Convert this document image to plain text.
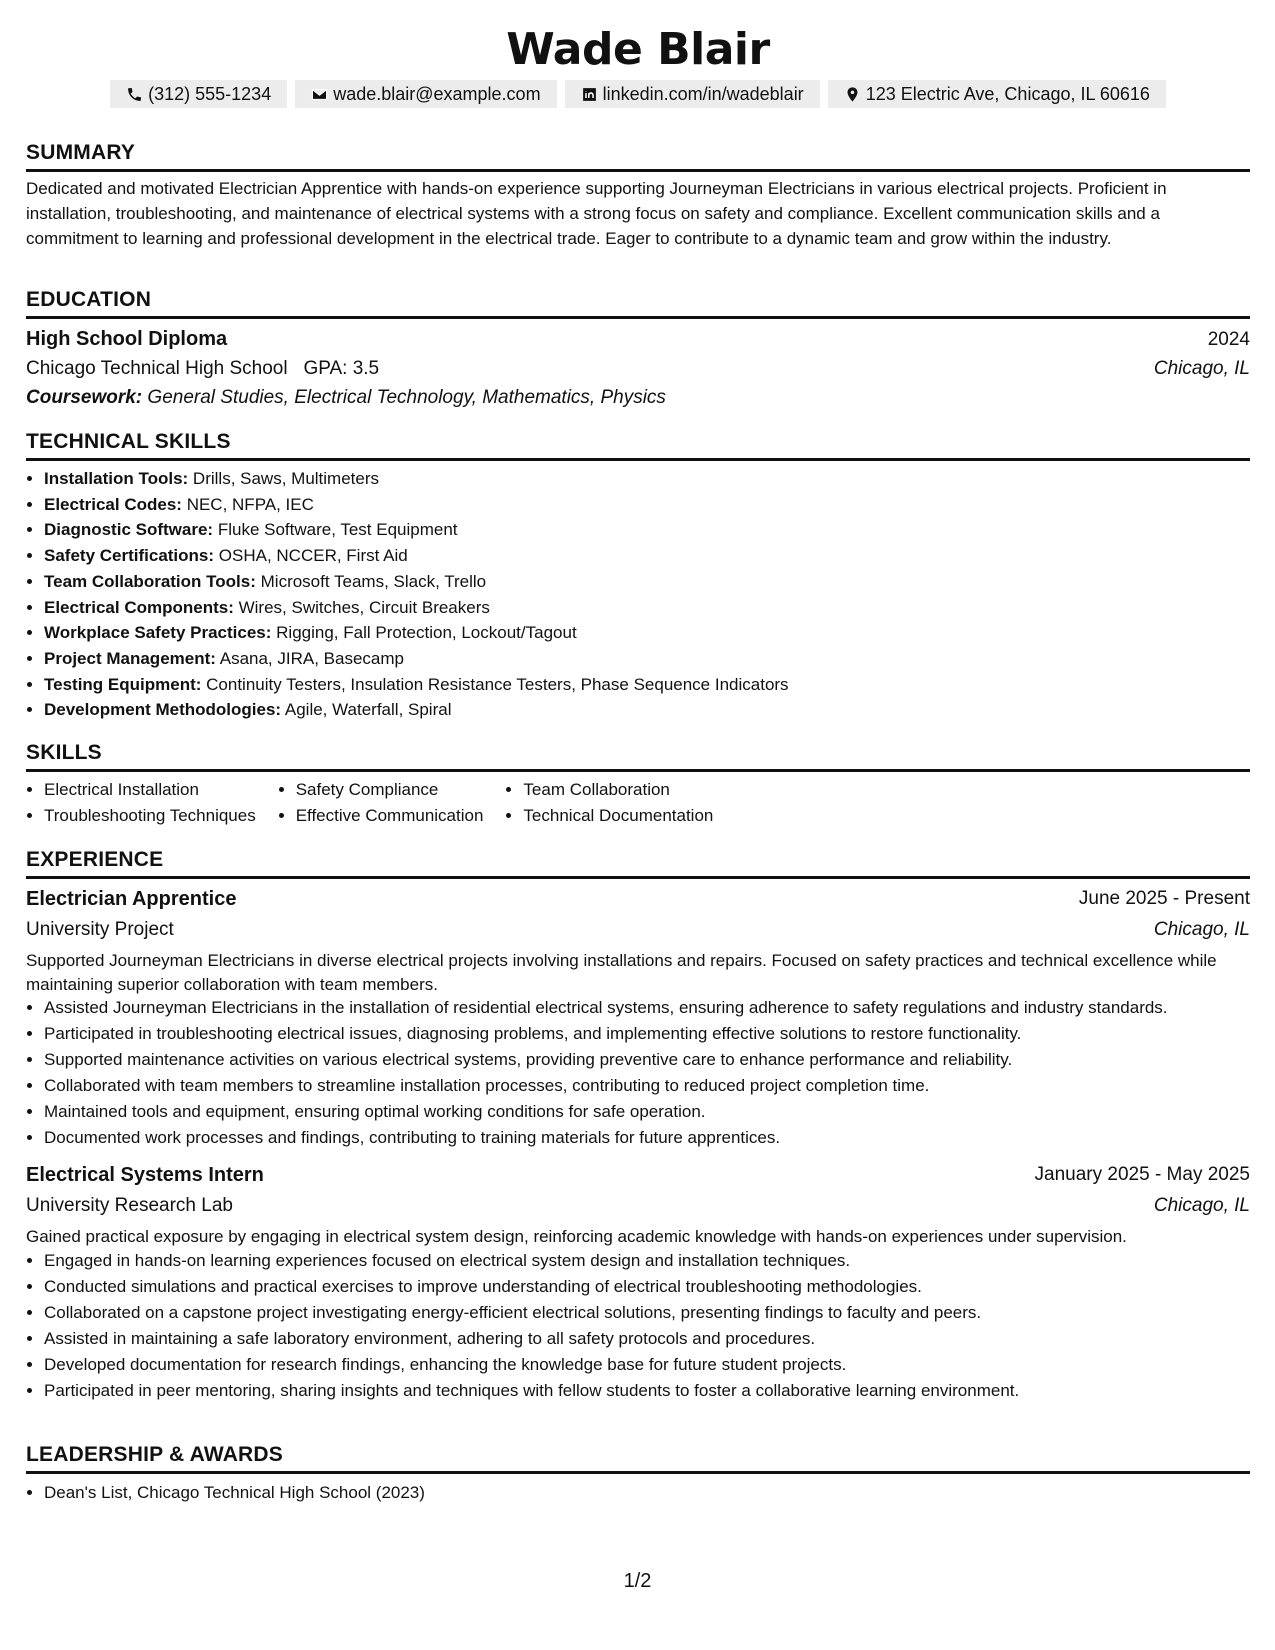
Wade Blair
(312) 555-1234	wade.blair@example.com	linkedin.com/in/wadeblair	123 Electric Ave, Chicago, IL 60616
SUMMARY
Dedicated and motivated Electrician Apprentice with hands-on experience supporting Journeyman Electricians in various electrical projects. Proficient in installation, troubleshooting, and maintenance of electrical systems with a strong focus on safety and compliance. Excellent communication skills and a commitment to learning and professional development in the electrical trade. Eager to contribute to a dynamic team and grow within the industry.
EDUCATION
High School Diploma	2024
Chicago Technical High School GPA: 3.5	Chicago, IL
Coursework:
General Studies, Electrical Technology, Mathematics, Physics
TECHNICAL SKILLS
• Installation Tools: Drills, Saws, Multimeters
• Electrical Codes: NEC, NFPA, IEC
• Diagnostic Software: Fluke Software, Test Equipment
• Safety Certifications: OSHA, NCCER, First Aid
• Team Collaboration Tools: Microsoft Teams, Slack, Trello
• Electrical Components: Wires, Switches, Circuit Breakers
• Workplace Safety Practices: Rigging, Fall Protection, Lockout/Tagout
• Project Management: Asana, JIRA, Basecamp
• Testing Equipment: Continuity Testers, Insulation Resistance Testers, Phase Sequence Indicators
• Development Methodologies: Agile, Waterfall, Spiral
SKILLS
• Electrical Installation
• Troubleshooting Techniques
• Safety Compliance
• Effective Communication
• Team Collaboration
• Technical Documentation
EXPERIENCE
Electrician Apprentice	June 2025 - Present
University Project	Chicago, IL
Supported Journeyman Electricians in diverse electrical projects involving installations and repairs. Focused on safety practices and technical excellence while maintaining superior collaboration with team members.
• Assisted Journeyman Electricians in the installation of residential electrical systems, ensuring adherence to safety regulations and industry standards.
• Participated in troubleshooting electrical issues, diagnosing problems, and implementing effective solutions to restore functionality.
• Supported maintenance activities on various electrical systems, providing preventive care to enhance performance and reliability.
• Collaborated with team members to streamline installation processes, contributing to reduced project completion time.
• Maintained tools and equipment, ensuring optimal working conditions for safe operation.
• Documented work processes and findings, contributing to training materials for future apprentices.
Electrical Systems Intern	January 2025 - May 2025
University Research Lab	Chicago, IL
Gained practical exposure by engaging in electrical system design, reinforcing academic knowledge with hands-on experiences under supervision.
• Engaged in hands-on learning experiences focused on electrical system design and installation techniques.
• Conducted simulations and practical exercises to improve understanding of electrical troubleshooting methodologies.
• Collaborated on a capstone project investigating energy-efficient electrical solutions, presenting findings to faculty and peers.
• Assisted in maintaining a safe laboratory environment, adhering to all safety protocols and procedures.
• Developed documentation for research findings, enhancing the knowledge base for future student projects.
• Participated in peer mentoring, sharing insights and techniques with fellow students to foster a collaborative learning environment.
LEADERSHIP & AWARDS
• Dean's List, Chicago Technical High School (2023)
1/2
